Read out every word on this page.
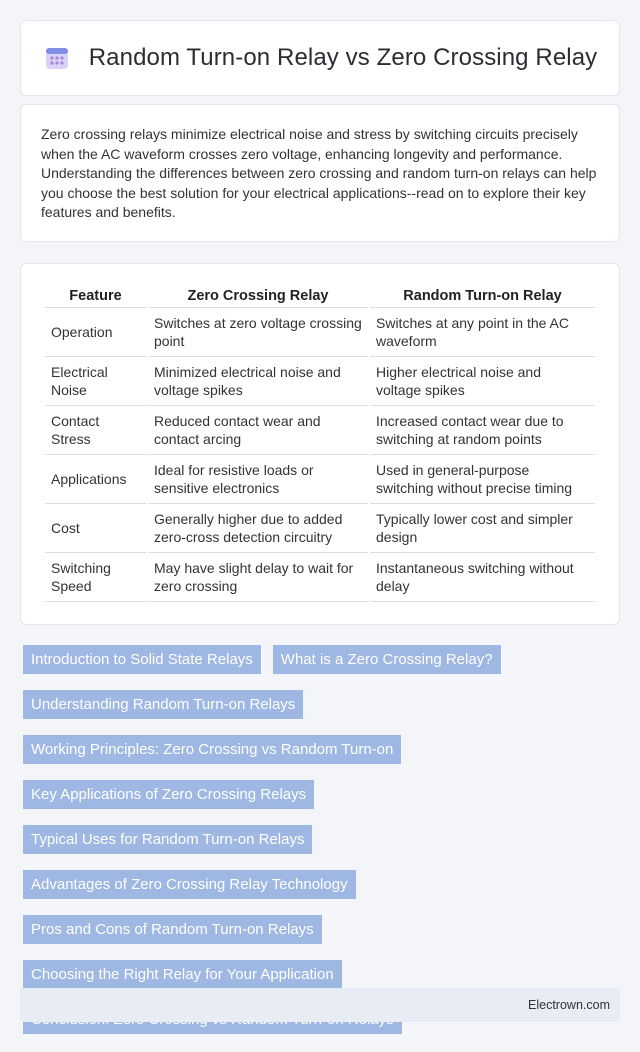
Random Turn-on Relay vs Zero Crossing Relay

Zero crossing relays minimize electrical noise and stress by switching circuits precisely when the AC waveform crosses zero voltage, enhancing longevity and performance. Understanding the differences between zero crossing and random turn-on relays can help you choose the best solution for your electrical applications--read on to explore their key features and benefits.

Feature	Zero Crossing Relay	Random Turn-on Relay
Operation	Switches at zero voltage crossing point	Switches at any point in the AC waveform
Electrical Noise	Minimized electrical noise and voltage spikes	Higher electrical noise and voltage spikes
Contact Stress	Reduced contact wear and contact arcing	Increased contact wear due to switching at random points
Applications	Ideal for resistive loads or sensitive electronics	Used in general-purpose switching without precise timing
Cost	Generally higher due to added zero-cross detection circuitry	Typically lower cost and simpler design
Switching Speed	May have slight delay to wait for zero crossing	Instantaneous switching without delay
Introduction to Solid State Relays	What is a Zero Crossing Relay?
Understanding Random Turn-on Relays
Working Principles: Zero Crossing vs Random Turn-on
Key Applications of Zero Crossing Relays
Typical Uses for Random Turn-on Relays
Advantages of Zero Crossing Relay Technology
Pros and Cons of Random Turn-on Relays
Choosing the Right Relay for Your Application
Electrown.com
